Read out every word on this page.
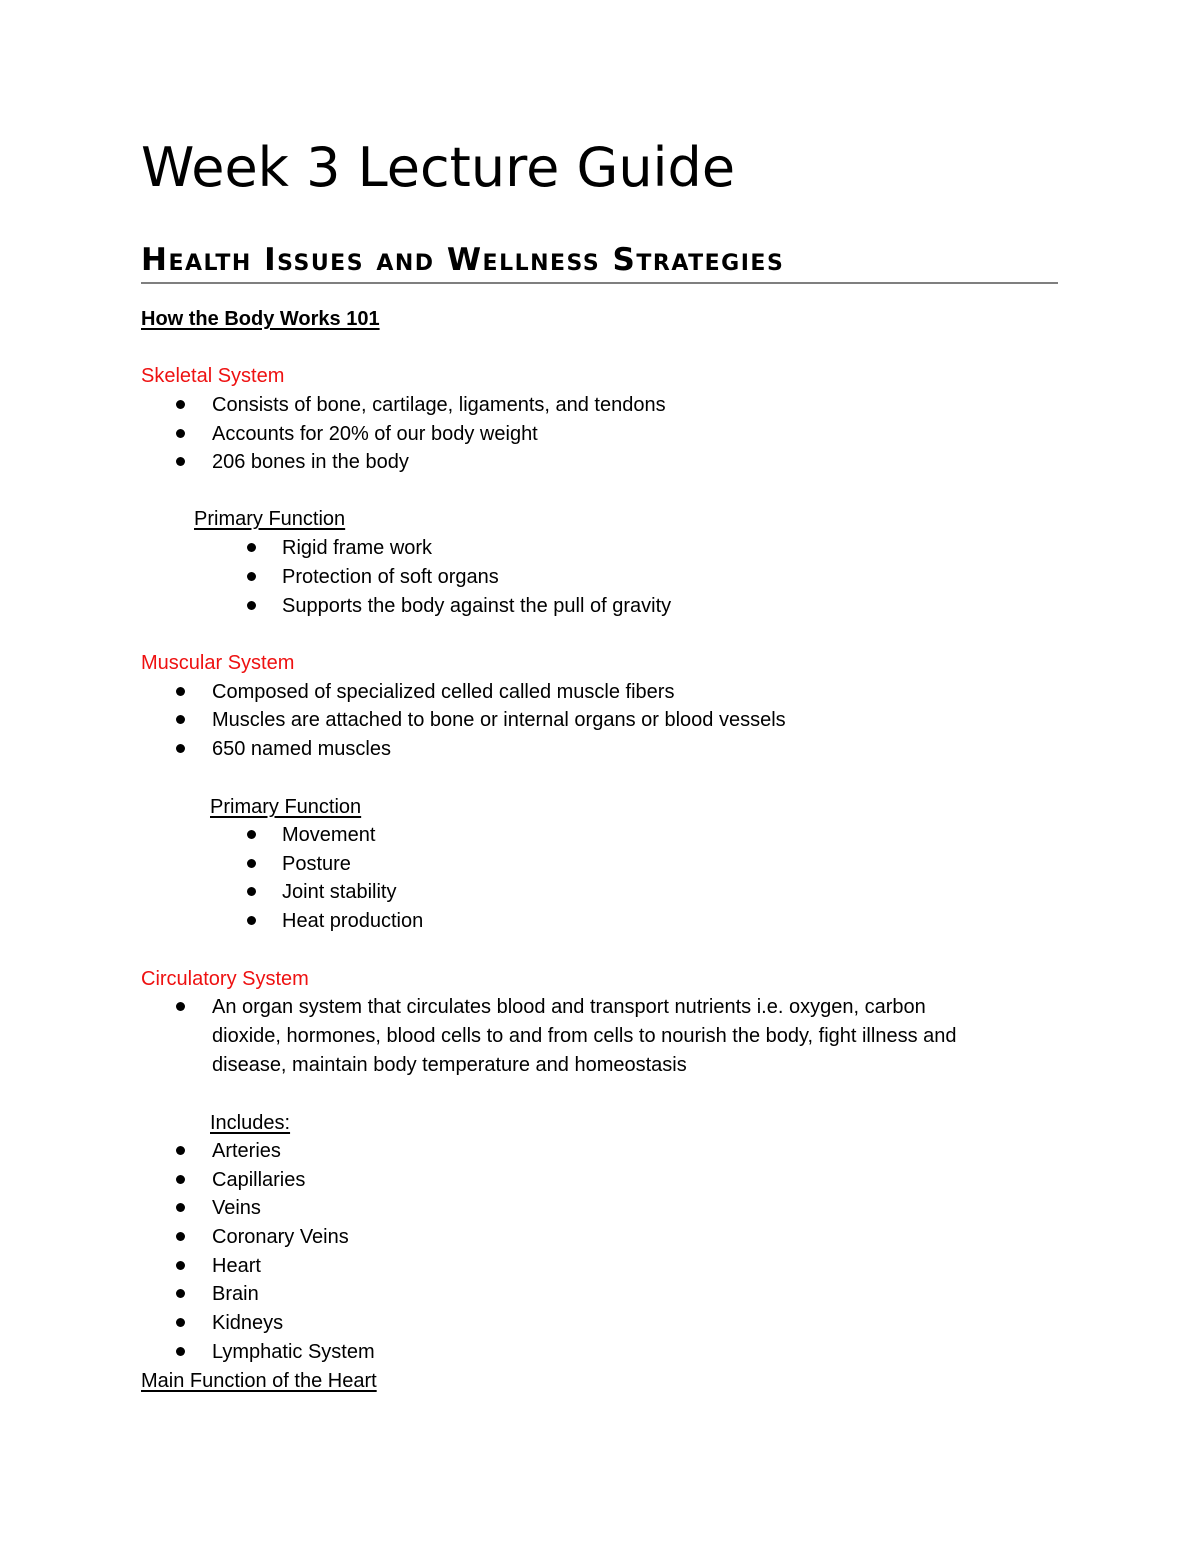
Week 3 Lecture Guide
Health Issues and Wellness Strategies
How the Body Works 101
Skeletal System
Consists of bone, cartilage, ligaments, and tendons
Accounts for 20% of our body weight
206 bones in the body
Primary Function
Rigid frame work
Protection of soft organs
Supports the body against the pull of gravity
Muscular System
Composed of specialized celled called muscle fibers
Muscles are attached to bone or internal organs or blood vessels
650 named muscles
Primary Function
Movement
Posture
Joint stability
Heat production
Circulatory System
An organ system that circulates blood and transport nutrients i.e. oxygen, carbon
dioxide, hormones, blood cells to and from cells to nourish the body, fight illness and
disease, maintain body temperature and homeostasis
Includes:
Arteries
Capillaries
Veins
Coronary Veins
Heart
Brain
Kidneys
Lymphatic System
Main Function of the Heart
